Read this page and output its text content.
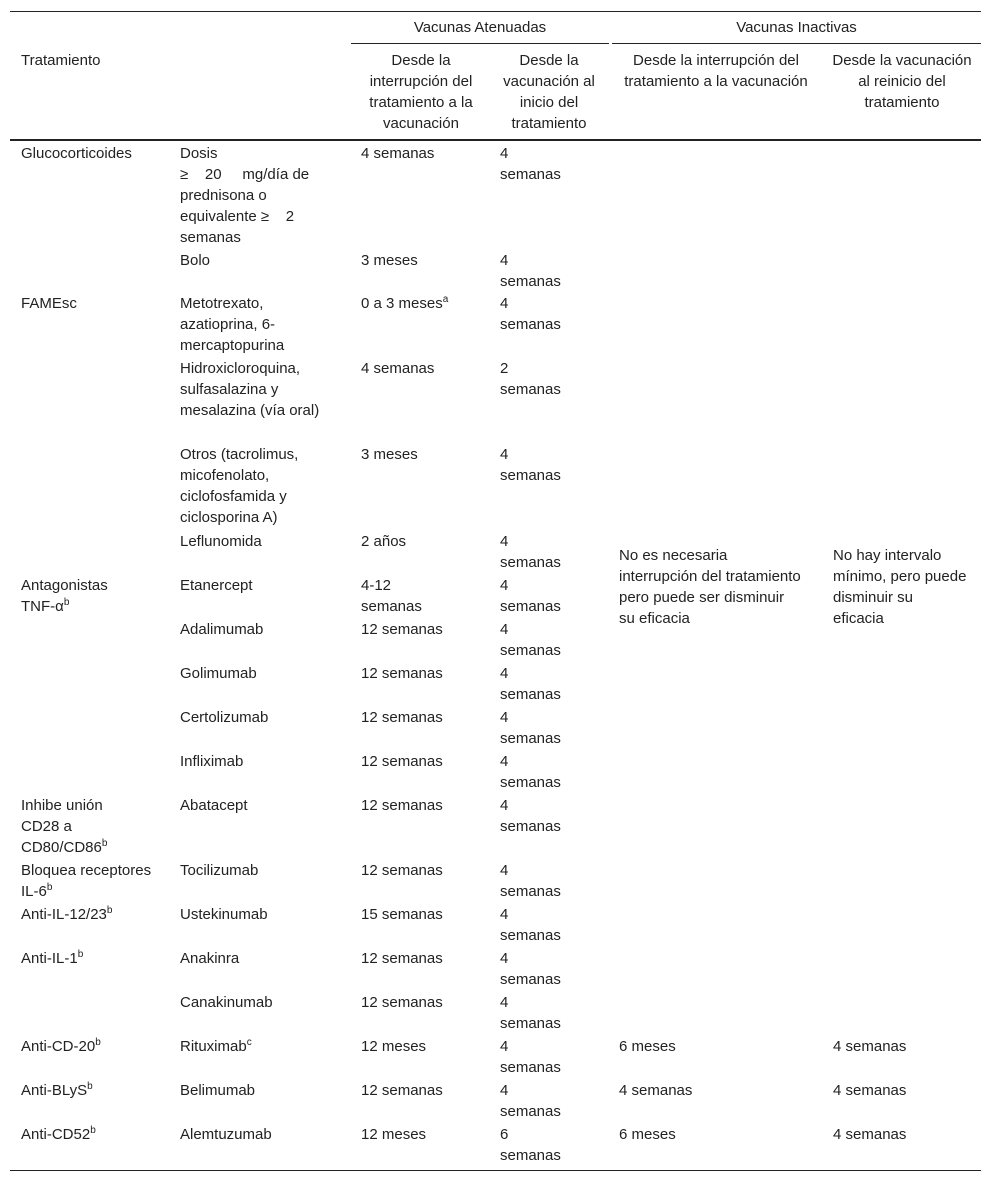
Tratamiento
Vacunas Atenuadas	Vacunas Inactivas
Desde la interrupción del tratamiento a la vacunación
Desde la vacunación al inicio del tratamiento
Desde la interrupción del tratamiento a la vacunación
Desde la vacunación al reinicio del tratamiento
Glucocorticoides
FAMEsc
Antagonistas TNF-$\alpha^b$
Inhibe unión CD28 a CD80/CD86$^b$
Bloquea receptores IL-6$^b$
Anti-IL-12/23$^b$
Anti-IL-1$^b$
Anti-CD-20$^b$
Anti-BLyS$^b$
Anti-CD52$^b$
Dosis
≥    20     mg/día de prednisona o equivalente ≥    2 semanas
Bolo
Metotrexato, azatioprina, 6-mercaptopurina
Hidroxicloroquina, sulfasalazina y mesalazina (vía oral)
Otros (tacrolimus, micofenolato, ciclofosfamida y ciclosporina A)
Leflunomida
Etanercept
Adalimumab
Golimumab
Certolizumab
Infliximab
Abatacept
Tocilizumab
Ustekinumab
Anakinra
Canakinumab
Rituximab$^c$
Belimumab
Alemtuzumab
4 semanas
3 meses
0 a 3 meses$^a$
4 semanas
3 meses
2 años
4-12 semanas
12 semanas
12 semanas
12 semanas
12 semanas
12 semanas
12 semanas
15 semanas
12 semanas
12 semanas
12 meses
12 semanas
12 meses
4 semanas
4 semanas
4 semanas
2 semanas
4 semanas
4 semanas
4 semanas
4 semanas
4 semanas
4 semanas
4 semanas
4 semanas
4 semanas
4 semanas
4 semanas
4 semanas
4 semanas
4 semanas
6 semanas
No es necesaria interrupción del tratamiento pero puede ser disminuir su eficacia
No hay intervalo mínimo, pero puede disminuir su eficacia
6 meses
4 semanas
6 meses
4 semanas
4 semanas
4 semanas
